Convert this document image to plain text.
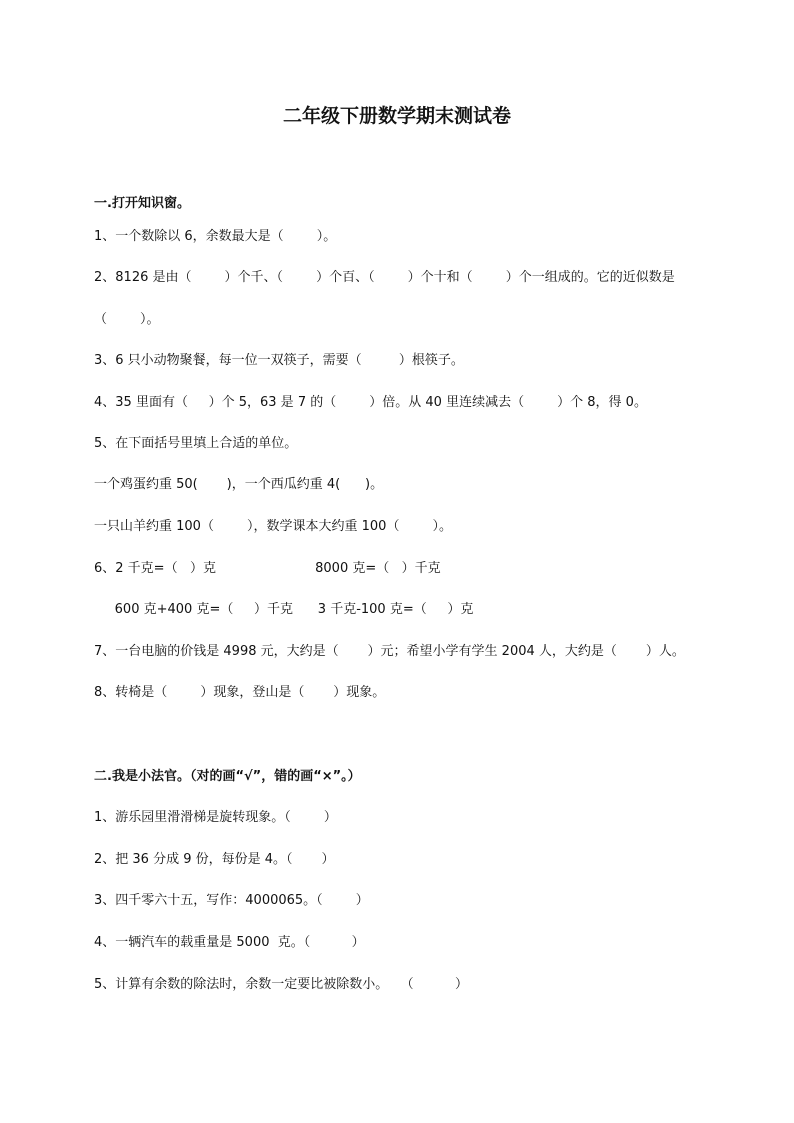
二年级下册数学期末测试卷
一.打开知识窗。
1、一个数除以 6，余数最大是（        ）。
2、8126 是由（        ）个千、（        ）个百、（        ）个十和（        ）个一组成的。它的近似数是
（        ）。
3、6 只小动物聚餐，每一位一双筷子，需要（         ）根筷子。
4、35 里面有（     ）个 5，63 是 7 的（        ）倍。从 40 里连续减去（        ）个 8，得 0。
5、在下面括号里填上合适的单位。
一个鸡蛋约重 50(       )，一个西瓜约重 4(      )。
一只山羊约重 100（        ），数学课本大约重 100（        ）。
6、2 千克=（   ）克                        8000 克=（   ）千克
600 克+400 克=（     ）千克      3 千克-100 克=（     ）克
7、一台电脑的价钱是 4998 元，大约是（       ）元；希望小学有学生 2004 人，大约是（       ）人。
8、转椅是（        ）现象，登山是（       ）现象。
二.我是小法官。（对的画“√”，错的画“×”。）
1、游乐园里滑滑梯是旋转现象。（        ）
2、把 36 分成 9 份，每份是 4。（       ）
3、四千零六十五，写作：4000065。（        ）
4、一辆汽车的载重量是 5000  克。（          ）
5、计算有余数的除法时，余数一定要比被除数小。   （          ）
